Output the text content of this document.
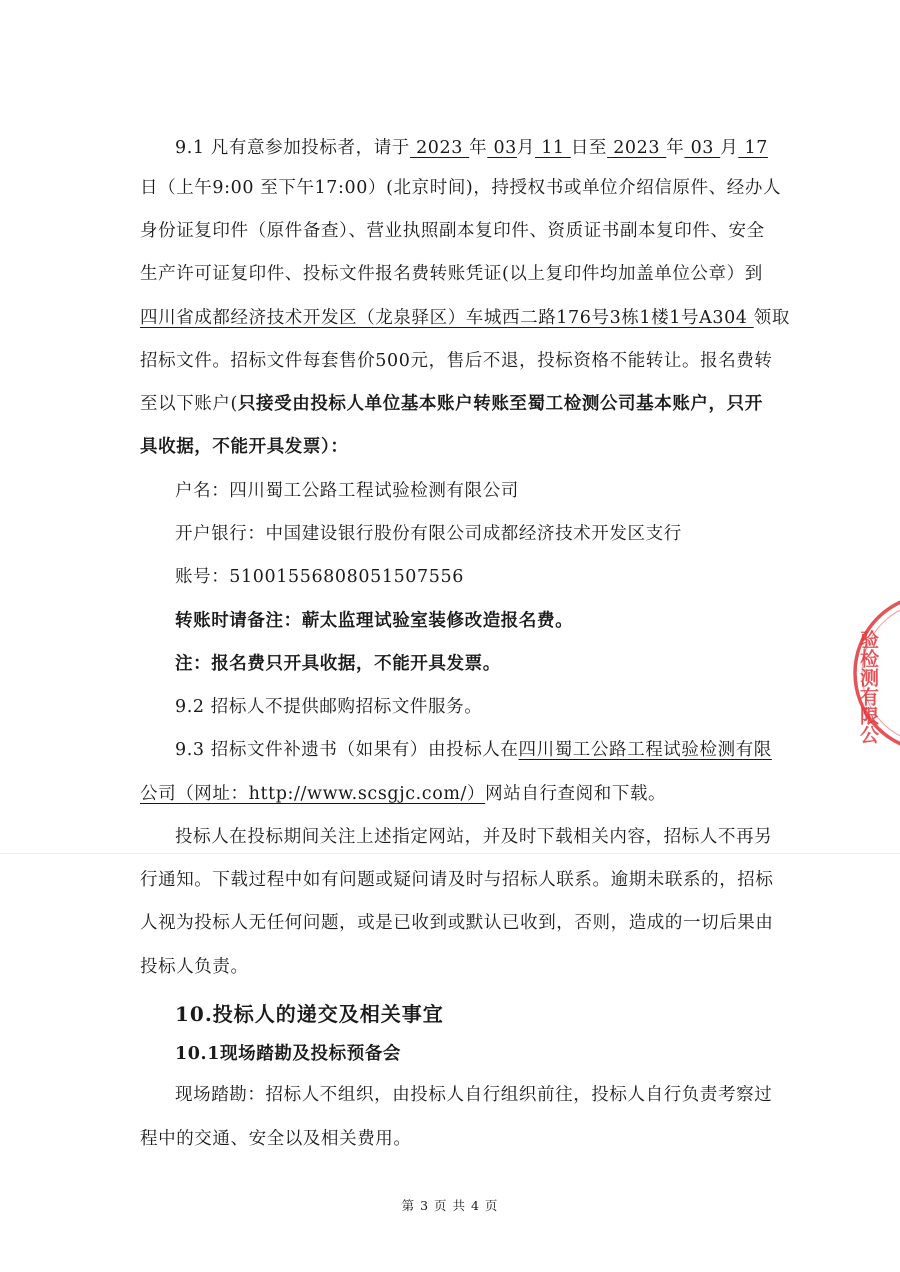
9.1 凡有意参加投标者，请于 2023 年 03月 11 日至 2023 年 03 月 17
日（上午9:00 至下午17:00）(北京时间)，持授权书或单位介绍信原件、经办人
身份证复印件（原件备查）、营业执照副本复印件、资质证书副本复印件、安全
生产许可证复印件、投标文件报名费转账凭证(以上复印件均加盖单位公章）到
四川省成都经济技术开发区（龙泉驿区）车城西二路176号3栋1楼1号A304 领取
招标文件。招标文件每套售价500元，售后不退，投标资格不能转让。报名费转
至以下账户(只接受由投标人单位基本账户转账至蜀工检测公司基本账户，只开
具收据，不能开具发票）：
户名：四川蜀工公路工程试验检测有限公司
开户银行：中国建设银行股份有限公司成都经济技术开发区支行
账号：51001556808051507556
转账时请备注：蕲太监理试验室装修改造报名费。
注：报名费只开具收据，不能开具发票。
9.2 招标人不提供邮购招标文件服务。
9.3 招标文件补遗书（如果有）由投标人在四川蜀工公路工程试验检测有限
公司（网址：http://www.scsgjc.com/）网站自行查阅和下载。
投标人在投标期间关注上述指定网站，并及时下载相关内容，招标人不再另
行通知。下载过程中如有问题或疑问请及时与招标人联系。逾期未联系的，招标
人视为投标人无任何问题，或是已收到或默认已收到，否则，造成的一切后果由
投标人负责。
10.投标人的递交及相关事宜
10.1现场踏勘及投标预备会
现场踏勘：招标人不组织，由投标人自行组织前往，投标人自行负责考察过
程中的交通、安全以及相关费用。
第 3 页 共 4 页
验检测有限公
